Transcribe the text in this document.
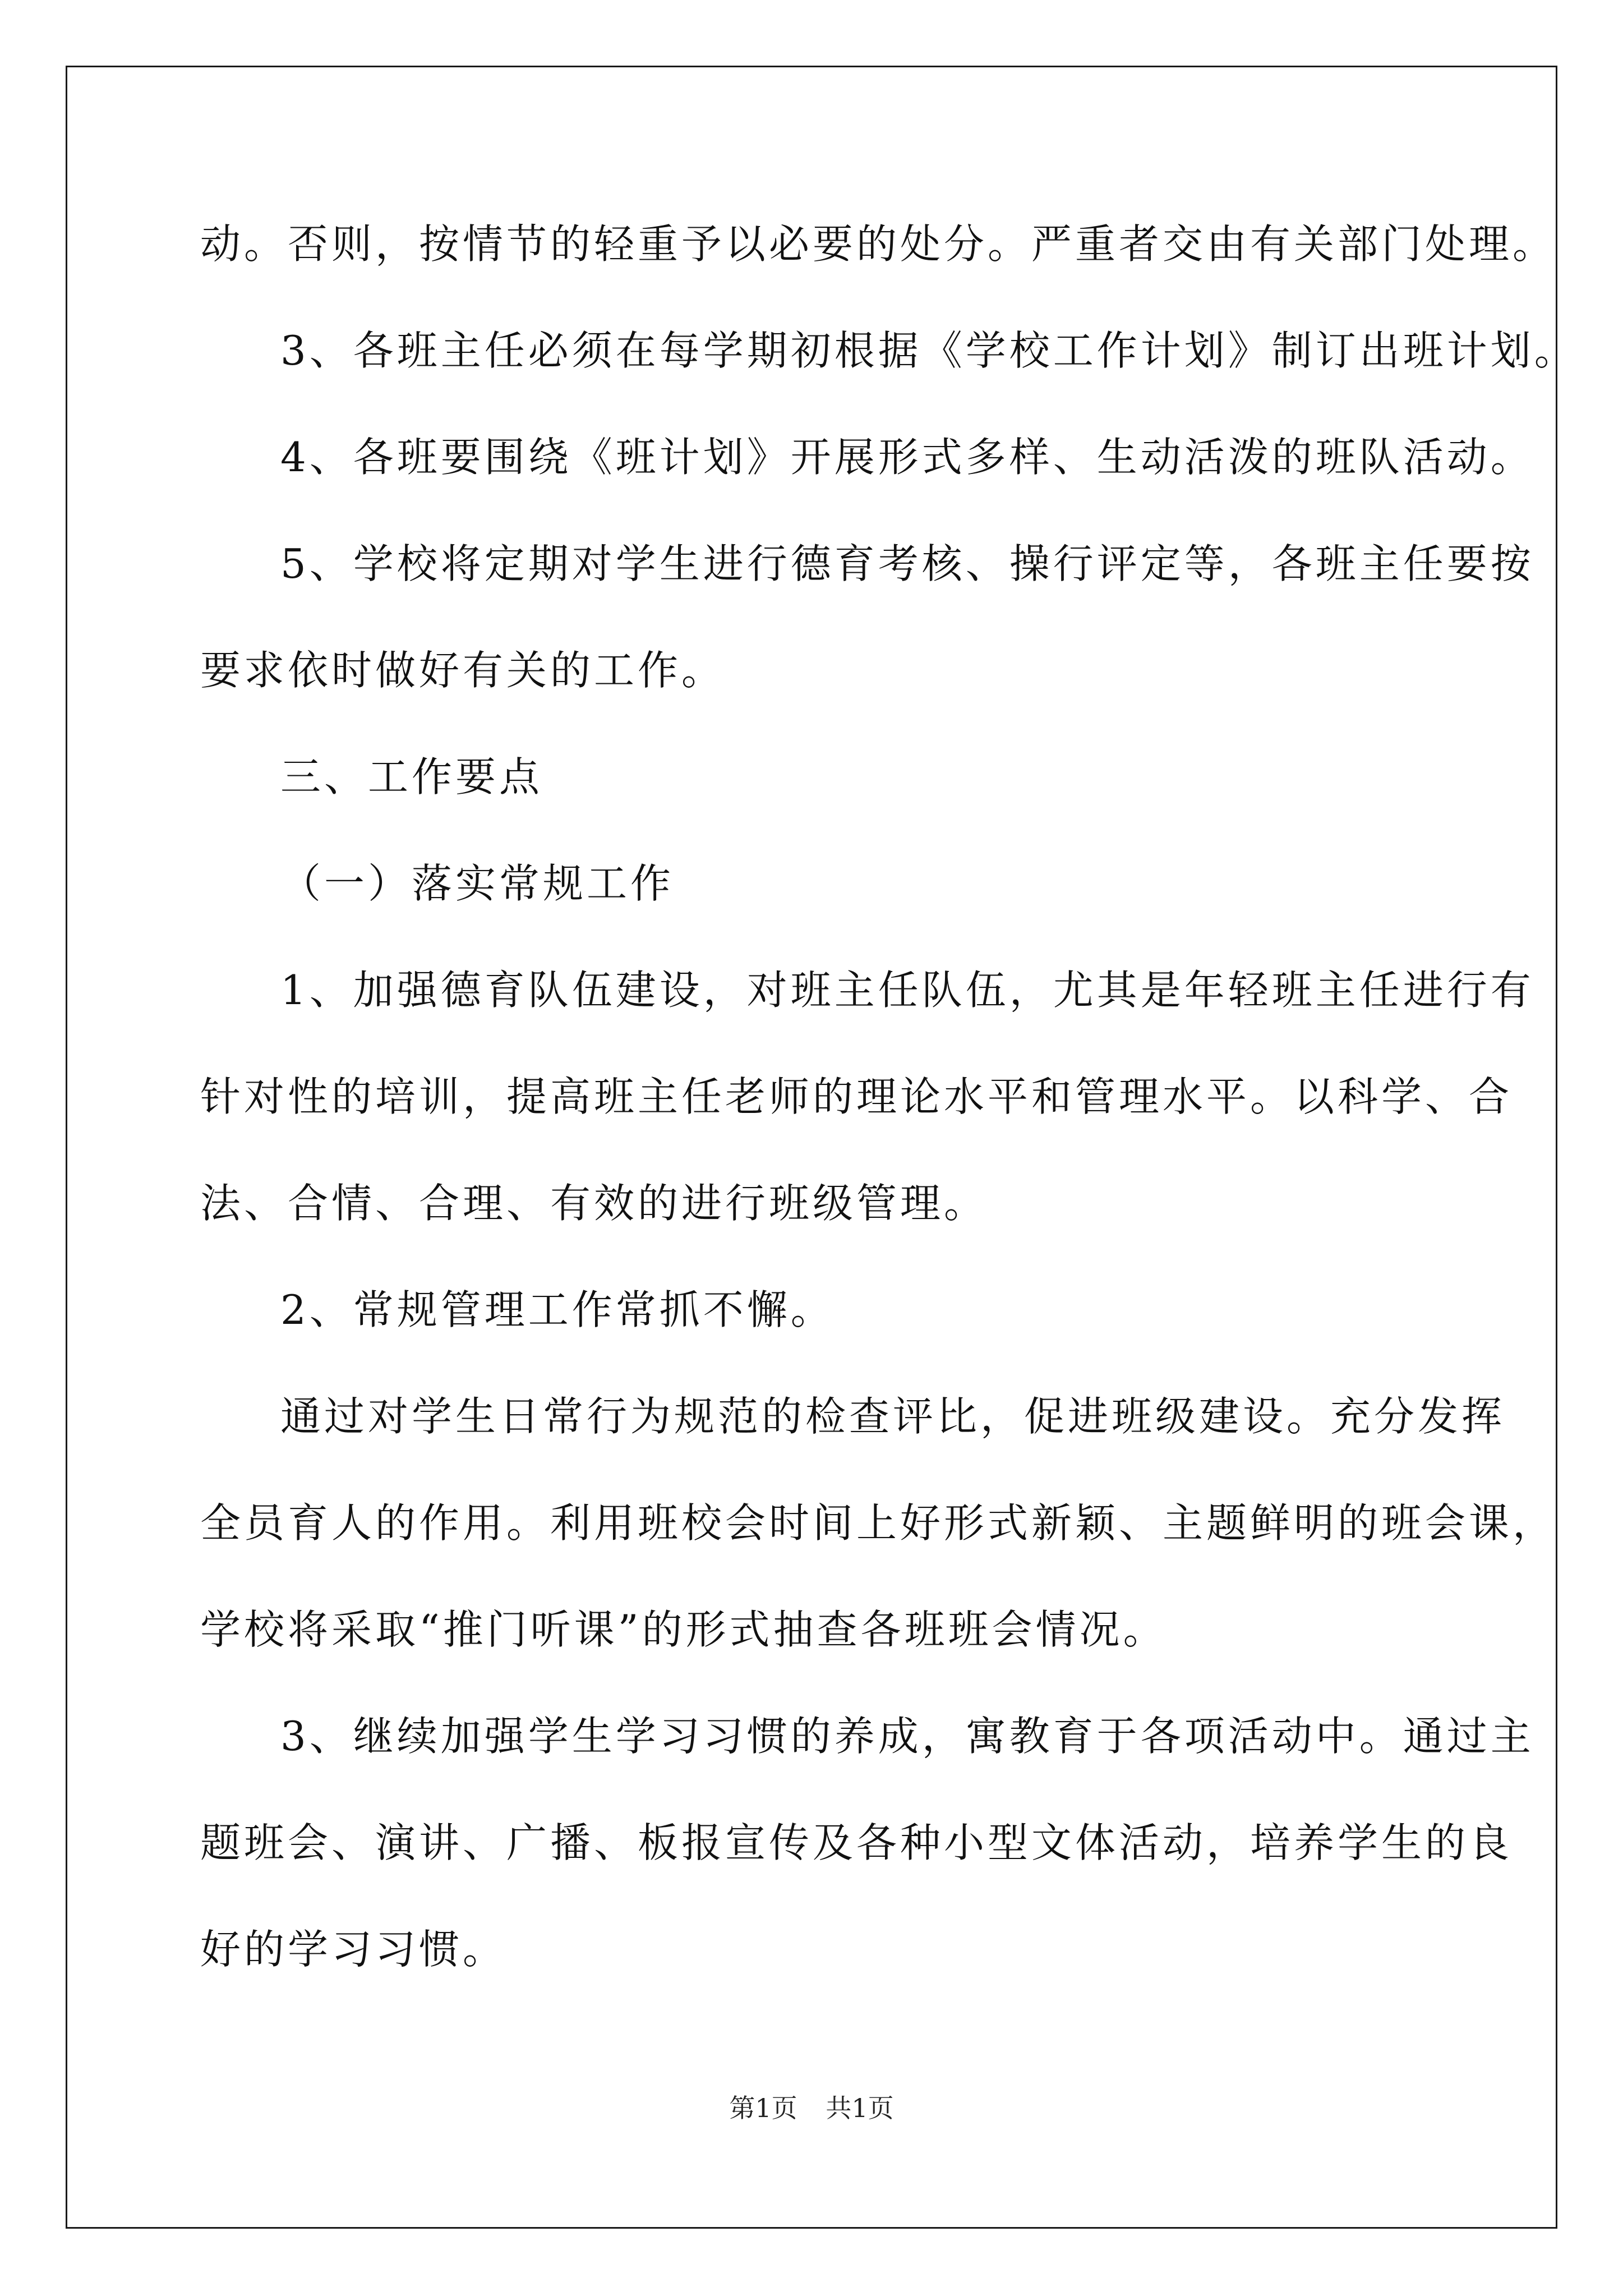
动。否则，按情节的轻重予以必要的处分。严重者交由有关部门处理。
3、各班主任必须在每学期初根据《学校工作计划》制订出班计划。
4、各班要围绕《班计划》开展形式多样、生动活泼的班队活动。
5、学校将定期对学生进行德育考核、操行评定等，各班主任要按
要求依时做好有关的工作。
三、工作要点
（一）落实常规工作
1、加强德育队伍建设，对班主任队伍，尤其是年轻班主任进行有
针对性的培训，提高班主任老师的理论水平和管理水平。以科学、合
法、合情、合理、有效的进行班级管理。
2、常规管理工作常抓不懈。
通过对学生日常行为规范的检查评比，促进班级建设。充分发挥
全员育人的作用。利用班校会时间上好形式新颖、主题鲜明的班会课，
学校将采取“推门听课”的形式抽查各班班会情况。
3、继续加强学生学习习惯的养成，寓教育于各项活动中。通过主
题班会、演讲、广播、板报宣传及各种小型文体活动，培养学生的良
好的学习习惯。
第1页 共1页
